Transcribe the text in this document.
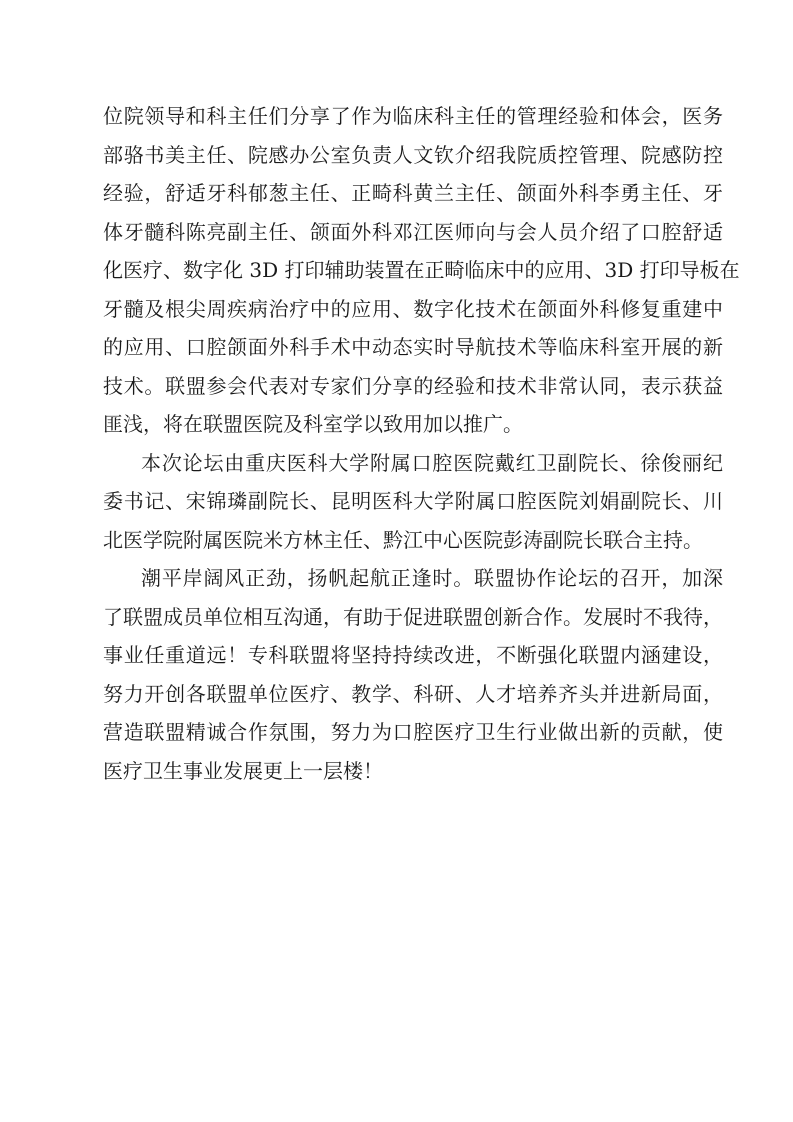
位院领导和科主任们分享了作为临床科主任的管理经验和体会，医务
部骆书美主任、院感办公室负责人文钦介绍我院质控管理、院感防控
经验，舒适牙科郁葱主任、正畸科黄兰主任、颌面外科李勇主任、牙
体牙髓科陈亮副主任、颌面外科邓江医师向与会人员介绍了口腔舒适
化医疗、数字化 3D 打印辅助装置在正畸临床中的应用、3D 打印导板在
牙髓及根尖周疾病治疗中的应用、数字化技术在颌面外科修复重建中
的应用、口腔颌面外科手术中动态实时导航技术等临床科室开展的新
技术。联盟参会代表对专家们分享的经验和技术非常认同，表示获益
匪浅，将在联盟医院及科室学以致用加以推广。
本次论坛由重庆医科大学附属口腔医院戴红卫副院长、徐俊丽纪
委书记、宋锦璘副院长、昆明医科大学附属口腔医院刘娟副院长、川
北医学院附属医院米方林主任、黔江中心医院彭涛副院长联合主持。
潮平岸阔风正劲，扬帆起航正逢时。联盟协作论坛的召开，加深
了联盟成员单位相互沟通，有助于促进联盟创新合作。发展时不我待，
事业任重道远！专科联盟将坚持持续改进，不断强化联盟内涵建设，
努力开创各联盟单位医疗、教学、科研、人才培养齐头并进新局面，
营造联盟精诚合作氛围，努力为口腔医疗卫生行业做出新的贡献，使
医疗卫生事业发展更上一层楼！
